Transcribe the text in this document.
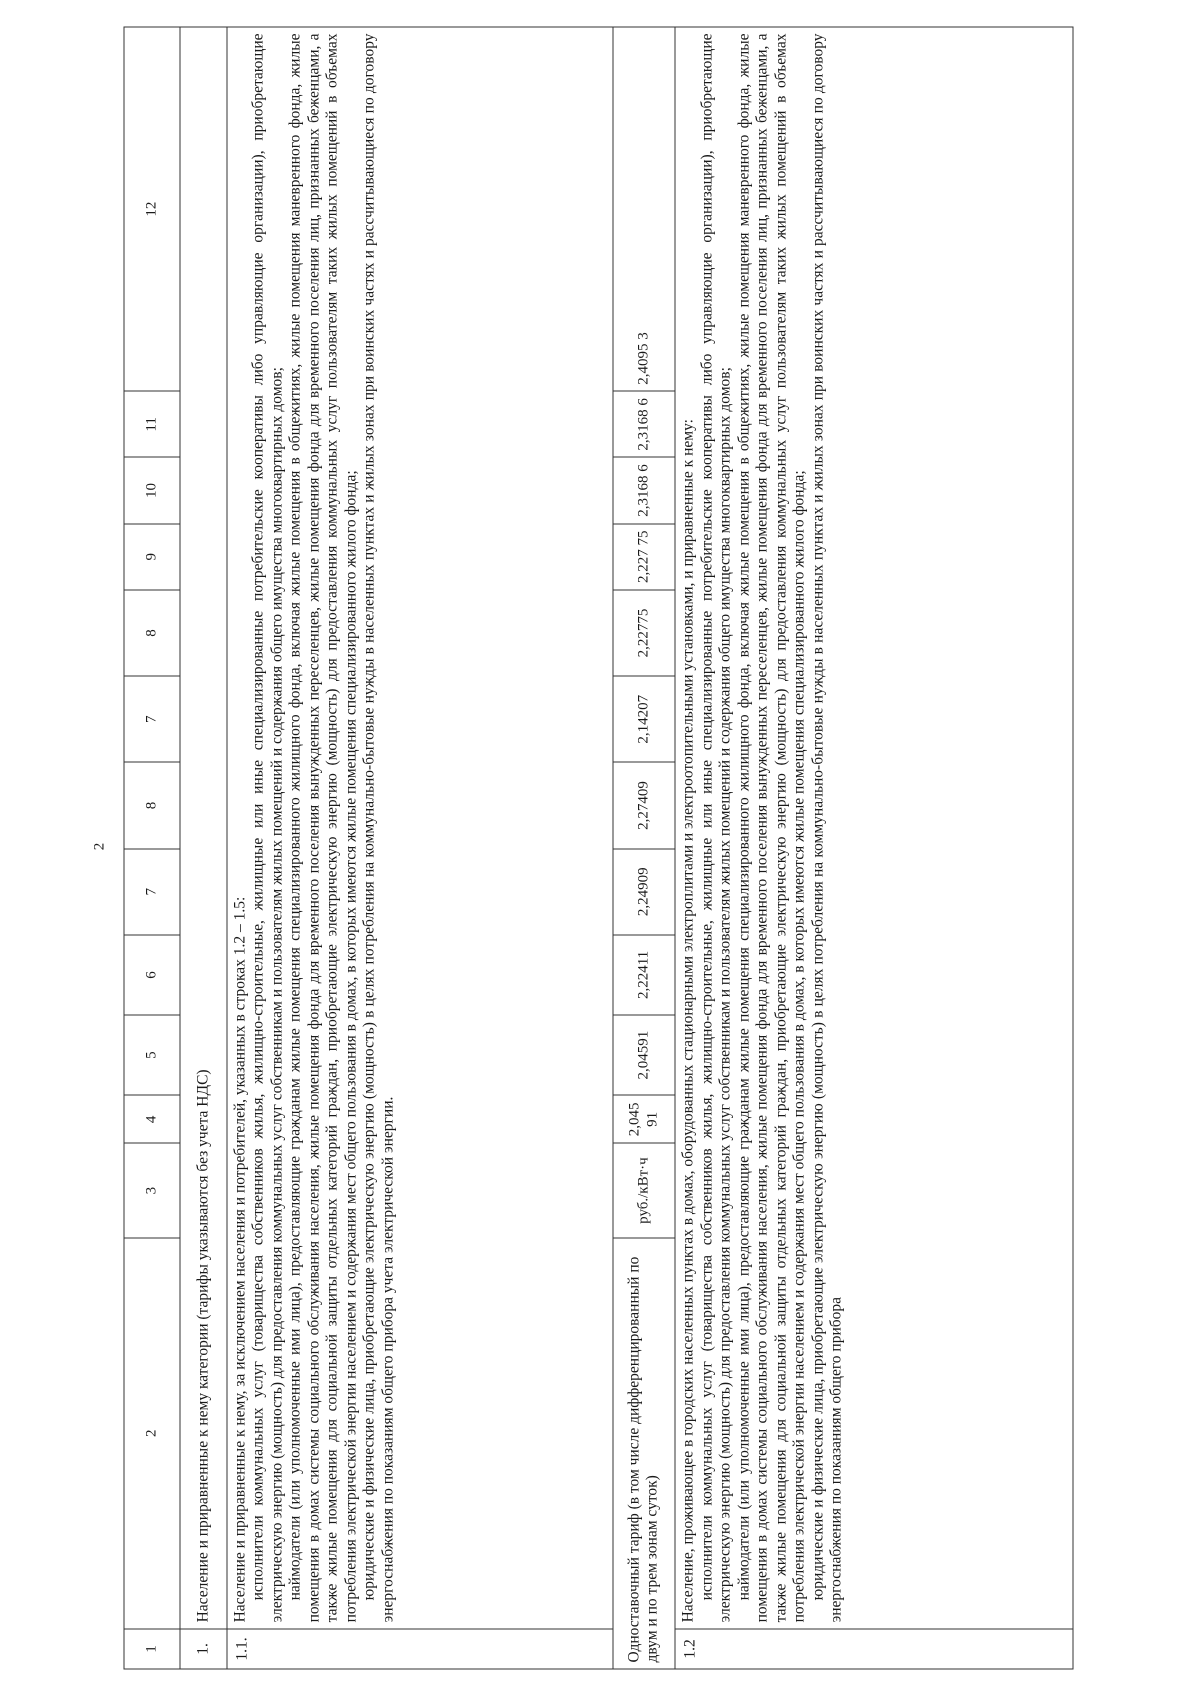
2
1	2	3	4	5	6	7	8	7	8	9	10	11	12
1.	Население и приравненные к нему категории (тарифы указываются без учета НДС)												
1.1.	Население и приравненные к нему, за исключением населения и потребителей, указанных в строках 1.2 – 1.5: исполнители коммунальных услуг (товарищества собственников жилья, жилищно-строительные, жилищные или иные специализированные потребительские кооперативы либо управляющие организации), приобретающие электрическую энергию (мощность) для предоставления коммунальных услуг собственникам и пользователям жилых помещений и содержания общего имущества многоквартирных домов; наймодатели (или уполномоченные ими лица), предоставляющие гражданам жилые помещения специализированного жилищного фонда, включая жилые помещения в общежитиях, жилые помещения маневренного фонда, жилые помещения в домах системы социального обслуживания населения, жилые помещения фонда для временного поселения вынужденных переселенцев, жилые помещения фонда для временного поселения лиц, признанных беженцами, а также жилые помещения для социальной защиты отдельных категорий граждан, приобретающие электрическую энергию (мощность) для предоставления коммунальных услуг пользователям таких жилых помещений в объемах потребления электрической энергии населением и содержания мест общего пользования в домах, в которых имеются жилые помещения специализированного жилого фонда; юридические и физические лица, приобретающие электрическую энергию (мощность) в целях потребления на коммунально-бытовые нужды в населенных пунктах и жилых зонах при воинских частях и рассчитывающиеся по договору энергоснабжения по показаниям общего прибора учета электрической энергии.												

Одноставочный тариф (в том числе дифференцированный по двум и по трем зонам суток)		руб./кВт·ч	2,045 91	2,04591	2,22411	2,24909	2,27409	2,14207	2,22775	2,227 75	2,3168 6	2,3168 6	2,4095 3
1.2	Население, проживающее в городских населенных пунктах в домах, оборудованных стационарными электроплитами и электроотопительными установками, и приравненные к нему: исполнители коммунальных услуг (товарищества собственников жилья, жилищно-строительные, жилищные или иные специализированные потребительские кооперативы либо управляющие организации), приобретающие электрическую энергию (мощность) для предоставления коммунальных услуг собственникам и пользователям жилых помещений и содержания общего имущества многоквартирных домов; наймодатели (или уполномоченные ими лица), предоставляющие гражданам жилые помещения специализированного жилищного фонда, включая жилые помещения в общежитиях, жилые помещения маневренного фонда, жилые помещения в домах системы социального обслуживания населения, жилые помещения фонда для временного поселения вынужденных переселенцев, жилые помещения фонда для временного поселения лиц, признанных беженцами, а также жилые помещения для социальной защиты отдельных категорий граждан, приобретающие электрическую энергию (мощность) для предоставления коммунальных услуг пользователям таких жилых помещений в объемах потребления электрической энергии населением и содержания мест общего пользования в домах, в которых имеются жилые помещения специализированного жилого фонда; юридические и физические лица, приобретающие электрическую энергию (мощность) в целях потребления на коммунально-бытовые нужды в населенных пунктах и жилых зонах при воинских частях и рассчитывающиеся по договору энергоснабжения по показаниям общего прибора												
